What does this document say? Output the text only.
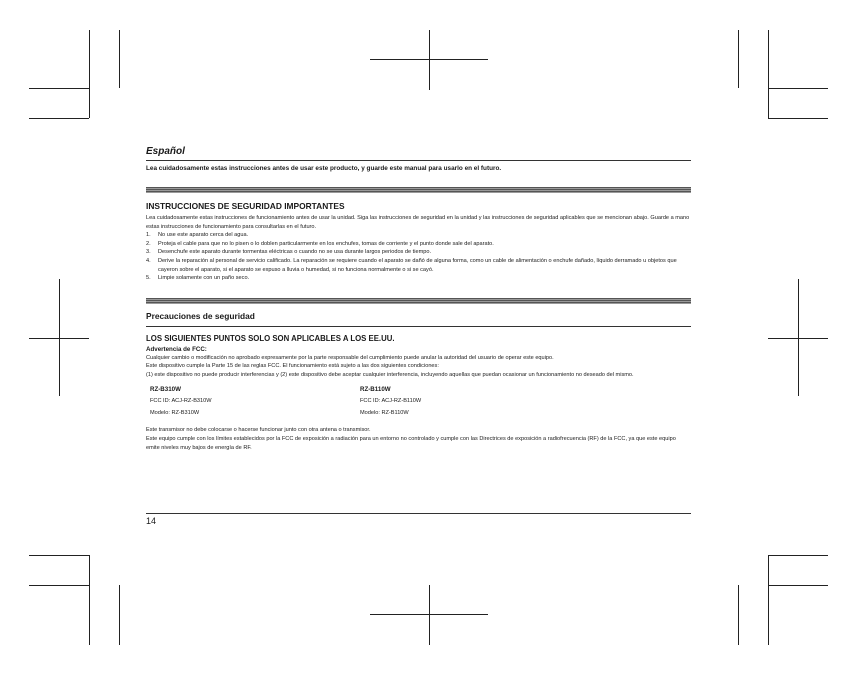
Español

Lea cuidadosamente estas instrucciones antes de usar este producto, y guarde este manual para usarlo en el futuro.
INSTRUCCIONES DE SEGURIDAD IMPORTANTES
Lea cuidadosamente estas instrucciones de funcionamiento antes de usar la unidad. Siga las instrucciones de seguridad en la unidad y las instrucciones de seguridad aplicables que se mencionan abajo. Guarde a mano estas instrucciones de funcionamiento para consultarlas en el futuro.
1. No use este aparato cerca del agua.
2. Proteja el cable para que no lo pisen o lo doblen particularmente en los enchufes, tomas de corriente y el punto donde sale del aparato.
3. Desenchufe este aparato durante tormentas eléctricas o cuando no se usa durante largos periodos de tiempo.
4. Derive la reparación al personal de servicio calificado. La reparación se requiere cuando el aparato se dañó de alguna forma, como un cable de alimentación o enchufe dañado, líquido derramado u objetos que cayeron sobre el aparato, si el aparato se expuso a lluvia o humedad, si no funciona normalmente o si se cayó.
5. Limpie solamente con un paño seco.
Precauciones de seguridad
LOS SIGUIENTES PUNTOS SOLO SON APLICABLES A LOS EE.UU.
Advertencia de FCC:
Cualquier cambio o modificación no aprobado expresamente por la parte responsable del cumplimiento puede anular la autoridad del usuario de operar este equipo.
Este dispositivo cumple la Parte 15 de las reglas FCC. El funcionamiento está sujeto a las dos siguientes condiciones:
(1) este dispositivo no puede producir interferencias y (2) este dispositivo debe aceptar cualquier interferencia, incluyendo aquellas que puedan ocasionar un funcionamiento no deseado del mismo.
RZ-B310W
FCC ID: ACJ-RZ-B310W
Modelo: RZ-B310W
RZ-B110W
FCC ID: ACJ-RZ-B110W
Modelo: RZ-B110W
Este transmisor no debe colocarse o hacerse funcionar junto con otra antena o transmisor.
Este equipo cumple con los límites establecidos por la FCC de exposición a radiación para un entorno no controlado y cumple con las Directrices de exposición a radiofrecuencia (RF) de la FCC, ya que este equipo emite niveles muy bajos de energía de RF.
14
